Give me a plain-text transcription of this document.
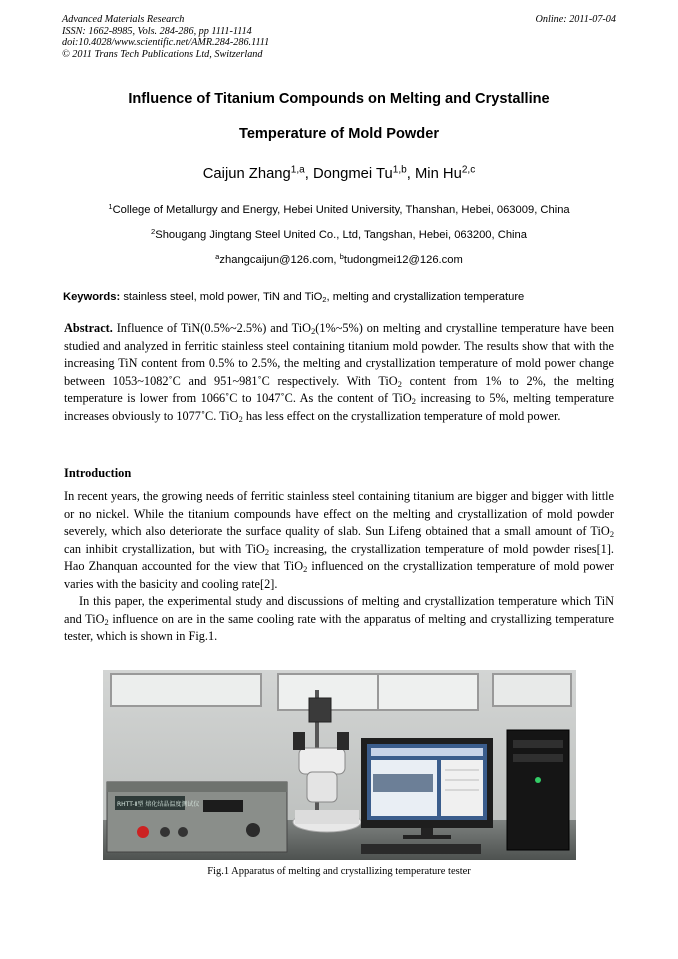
Advanced Materials Research
ISSN: 1662-8985, Vols. 284-286, pp 1111-1114
doi:10.4028/www.scientific.net/AMR.284-286.1111
© 2011 Trans Tech Publications Ltd, Switzerland
Online: 2011-07-04
Influence of Titanium Compounds on Melting and Crystalline
Temperature of Mold Powder
Caijun Zhang$^{1,a}$, Dongmei Tu$^{1,b}$, Min Hu$^{2,c}$
$^1$College of Metallurgy and Energy, Hebei United University, Thanshan, Hebei, 063009, China
$^2$Shougang Jingtang Steel United Co., Ltd, Tangshan, Hebei, 063200, China
$^a$zhangcaijun@126.com, $^b$tudongmei12@126.com
Keywords: stainless steel, mold power, TiN and TiO$_2$, melting and crystallization temperature

Abstract. Influence of TiN(0.5%~2.5%) and TiO$_2$(1%~5%) on melting and crystalline temperature have been studied and analyzed in ferritic stainless steel containing titanium mold powder. The results show that with the increasing TiN content from 0.5% to 2.5%, the melting and crystallization temperature of mold power change between 1053~1082˚C and 951~981˚C respectively. With TiO$_2$ content from 1% to 2%, the melting temperature is lower from 1066˚C to 1047˚C. As the content of TiO$_2$ increasing to 5%, melting temperature increases obviously to 1077˚C. TiO$_2$ has less effect on the crystallization temperature of mold power.

Introduction

In recent years, the growing needs of ferritic stainless steel containing titanium are bigger and bigger with little or no nickel. While the titanium compounds have effect on the melting and crystallization of mold powder severely, which also deteriorate the surface quality of slab. Sun Lifeng obtained that a small amount of TiO$_2$ can inhibit crystallization, but with TiO$_2$ increasing, the crystallization temperature of mold powder rises[1]. Hao Zhanquan accounted for the view that TiO$_2$ influenced on the crystallization temperature of mold power varies with the basicity and cooling rate[2].

In this paper, the experimental study and discussions of melting and crystallization temperature which TiN and TiO$_2$ influence on are in the same cooling rate with the apparatus of melting and crystallizing temperature tester, which is shown in Fig.1.

RHTT-Ⅱ型 熔化结晶温度测试仪
Fig.1 Apparatus of melting and crystallizing temperature tester
